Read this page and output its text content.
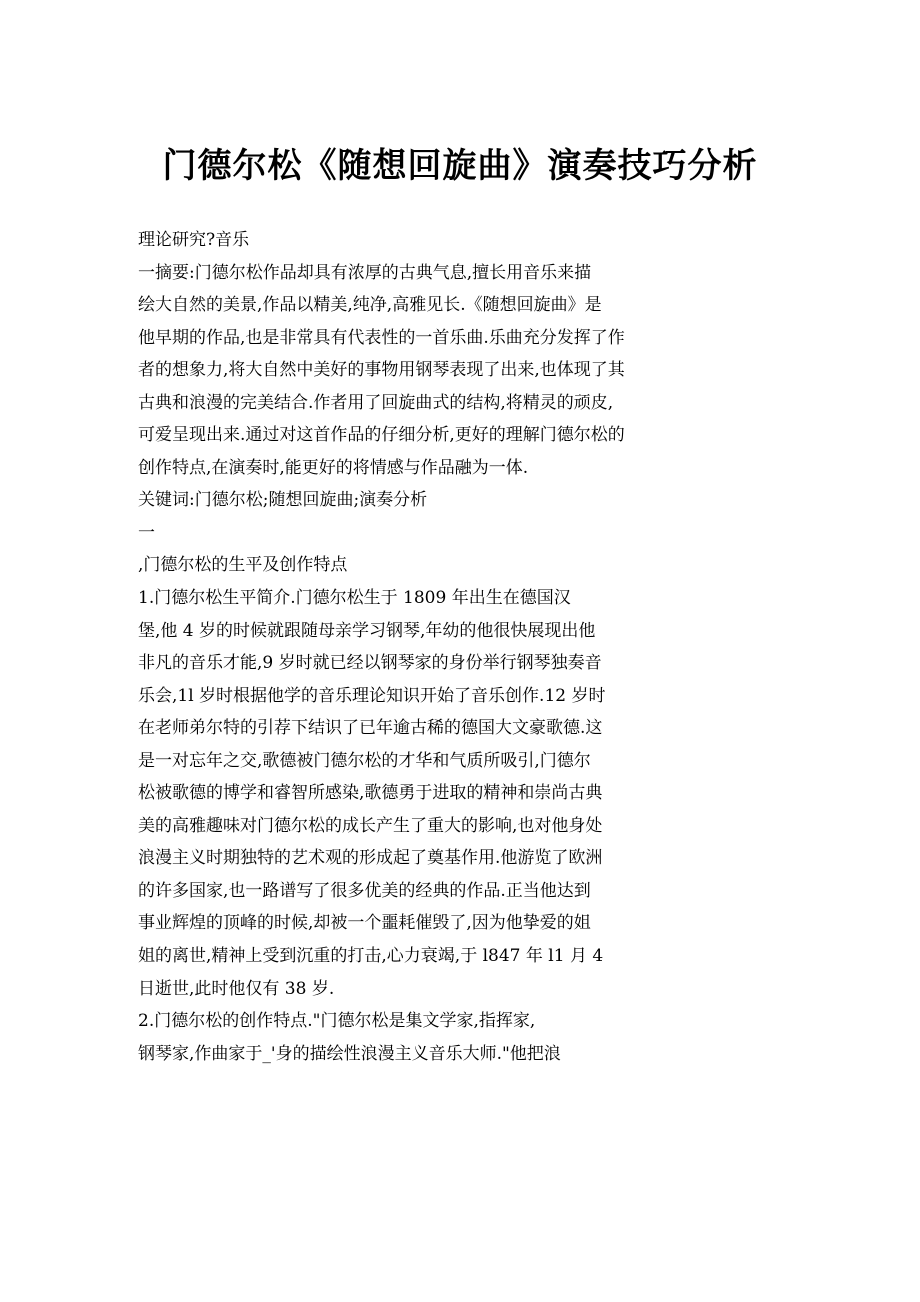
门德尔松《随想回旋曲》演奏技巧分析
理论研究?音乐
一摘要:门德尔松作品却具有浓厚的古典气息,擅长用音乐来描
绘大自然的美景,作品以精美,纯净,高雅见长.《随想回旋曲》是
他早期的作品,也是非常具有代表性的一首乐曲.乐曲充分发挥了作
者的想象力,将大自然中美好的事物用钢琴表现了出来,也体现了其
古典和浪漫的完美结合.作者用了回旋曲式的结构,将精灵的顽皮,
可爱呈现出来.通过对这首作品的仔细分析,更好的理解门德尔松的
创作特点,在演奏时,能更好的将情感与作品融为一体.
关键词:门德尔松;随想回旋曲;演奏分析
一
,门德尔松的生平及创作特点
1.门德尔松生平简介.门德尔松生于 1809 年出生在德国汉
堡,他 4 岁的时候就跟随母亲学习钢琴,年幼的他很快展现出他
非凡的音乐才能,9 岁时就已经以钢琴家的身份举行钢琴独奏音
乐会,1l 岁时根据他学的音乐理论知识开始了音乐创作.12 岁时
在老师弟尔特的引荐下结识了已年逾古稀的德国大文豪歌德.这
是一对忘年之交,歌德被门德尔松的才华和气质所吸引,门德尔
松被歌德的博学和睿智所感染,歌德勇于进取的精神和崇尚古典
美的高雅趣味对门德尔松的成长产生了重大的影响,也对他身处
浪漫主义时期独特的艺术观的形成起了奠基作用.他游览了欧洲
的许多国家,也一路谱写了很多优美的经典的作品.正当他达到
事业辉煌的顶峰的时候,却被一个噩耗催毁了,因为他挚爱的姐
姐的离世,精神上受到沉重的打击,心力衰竭,于 l847 年 l1 月 4
日逝世,此时他仅有 38 岁.
2.门德尔松的创作特点."门德尔松是集文学家,指挥家,
钢琴家,作曲家于_'身的描绘性浪漫主义音乐大师."他把浪
